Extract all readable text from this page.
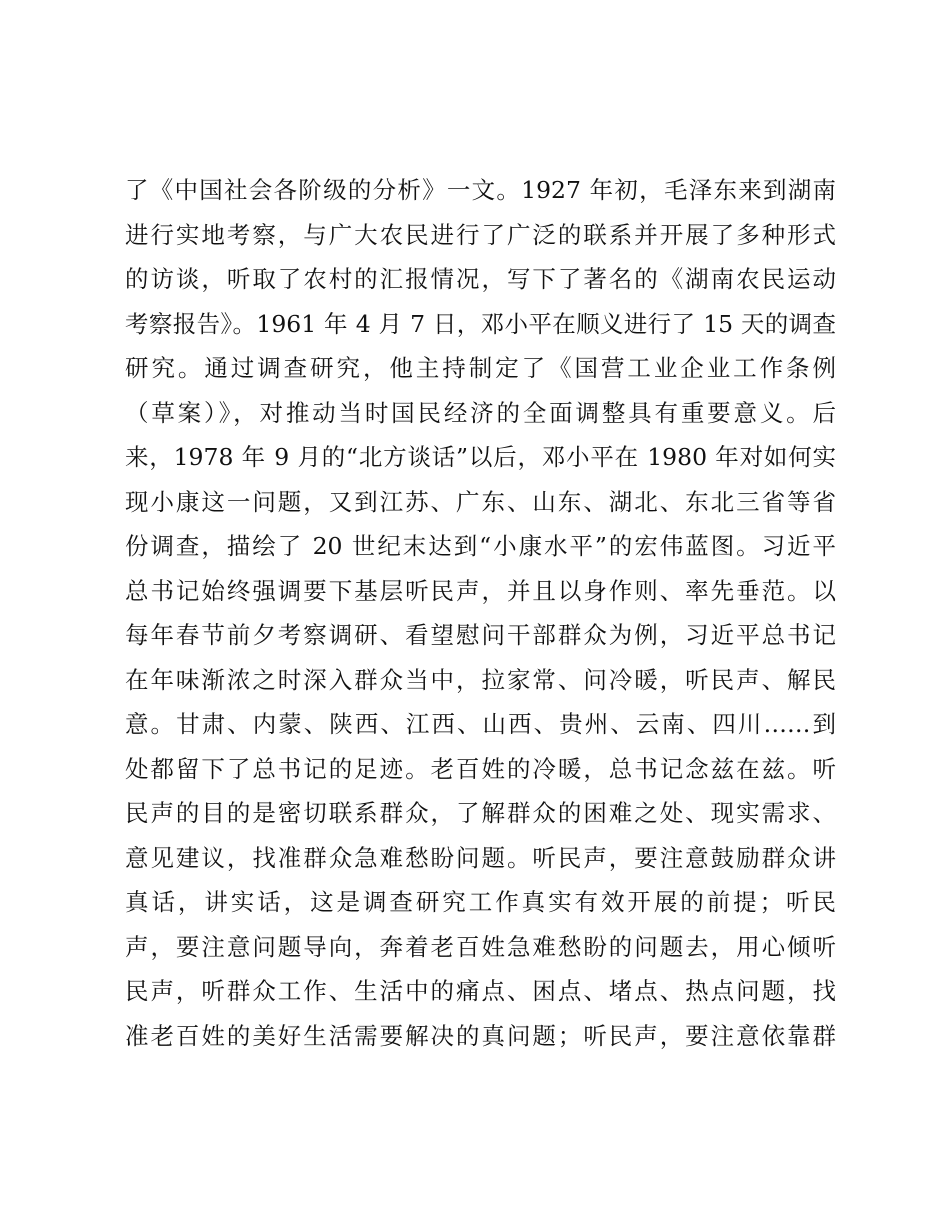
了《中国社会各阶级的分析》一文。1927 年初，毛泽东来到湖南
进行实地考察，与广大农民进行了广泛的联系并开展了多种形式
的访谈，听取了农村的汇报情况，写下了著名的《湖南农民运动
考察报告》。1961 年 4 月 7 日，邓小平在顺义进行了 15 天的调查
研究。通过调查研究，他主持制定了《国营工业企业工作条例
（草案）》，对推动当时国民经济的全面调整具有重要意义。后
来，1978 年 9 月的“北方谈话”以后，邓小平在 1980 年对如何实
现小康这一问题，又到江苏、广东、山东、湖北、东北三省等省
份调查，描绘了 20 世纪末达到“小康水平”的宏伟蓝图。习近平
总书记始终强调要下基层听民声，并且以身作则、率先垂范。以
每年春节前夕考察调研、看望慰问干部群众为例，习近平总书记
在年味渐浓之时深入群众当中，拉家常、问冷暖，听民声、解民
意。甘肃、内蒙、陕西、江西、山西、贵州、云南、四川……到
处都留下了总书记的足迹。老百姓的冷暖，总书记念兹在兹。听
民声的目的是密切联系群众，了解群众的困难之处、现实需求、
意见建议，找准群众急难愁盼问题。听民声，要注意鼓励群众讲
真话，讲实话，这是调查研究工作真实有效开展的前提；听民
声，要注意问题导向，奔着老百姓急难愁盼的问题去，用心倾听
民声，听群众工作、生活中的痛点、困点、堵点、热点问题，找
准老百姓的美好生活需要解决的真问题；听民声，要注意依靠群
